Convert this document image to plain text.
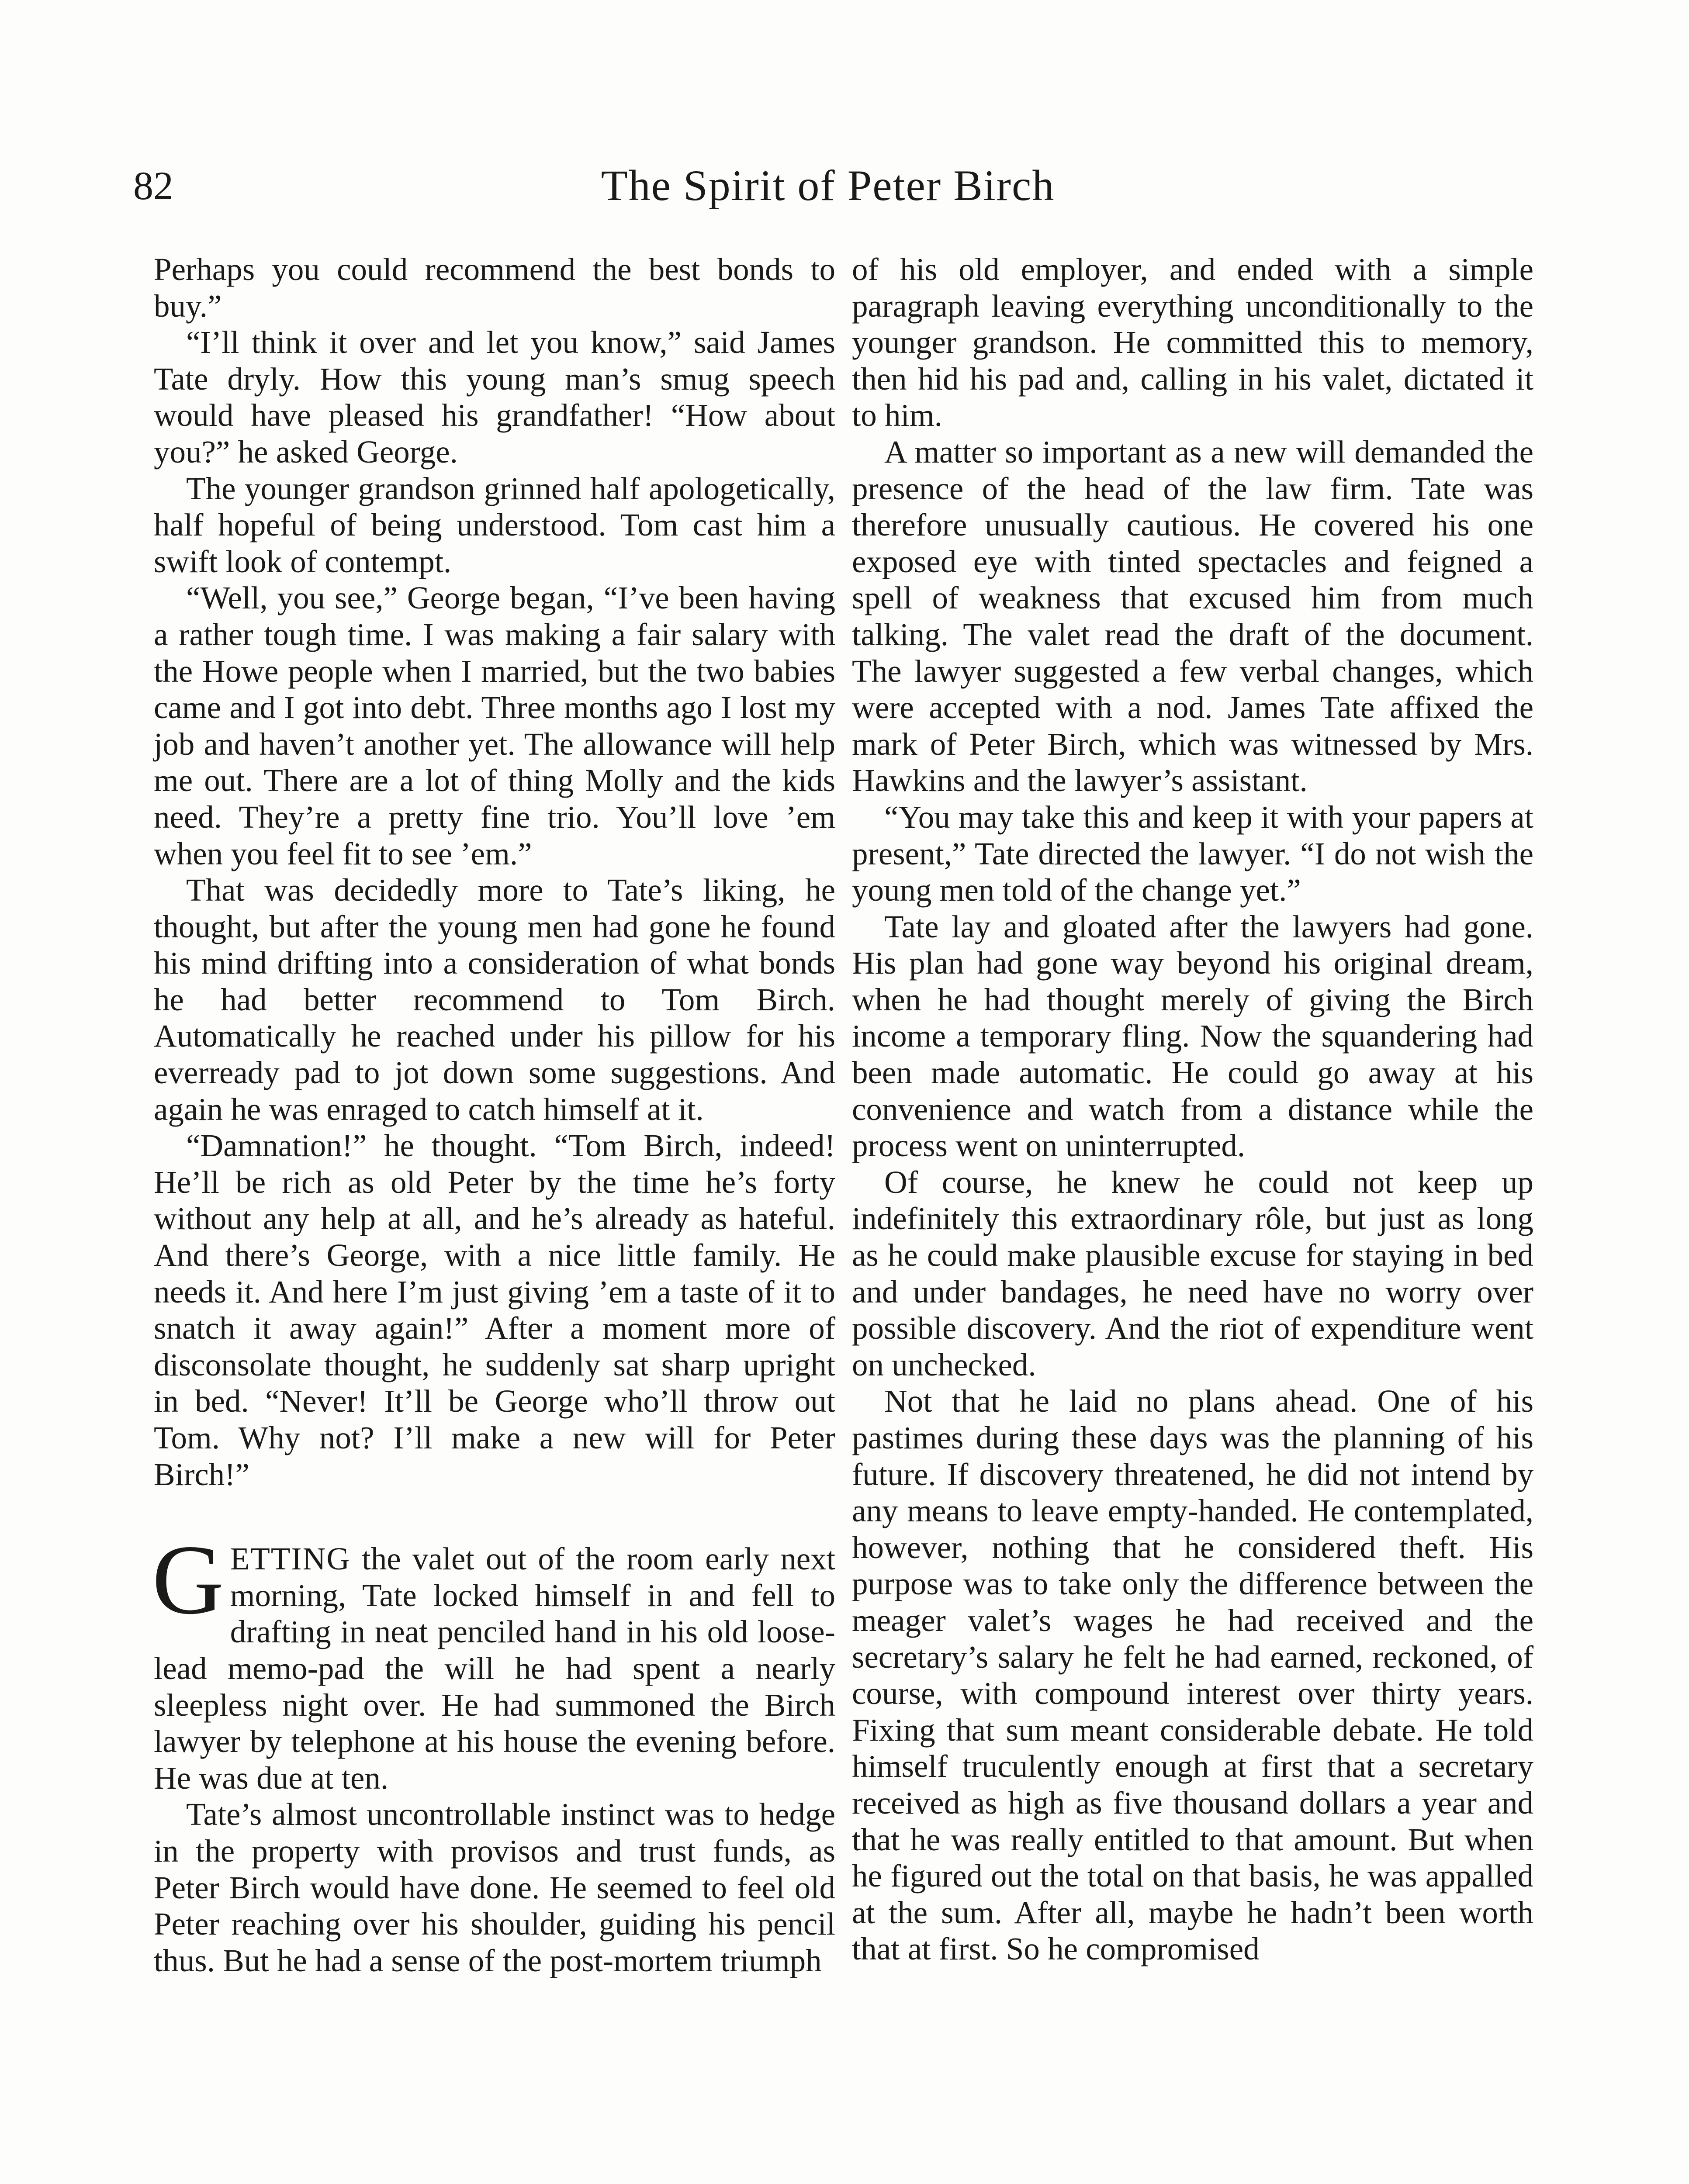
82	The Spirit of Peter Birch

Perhaps you could recommend the best bonds to buy.”

“I’ll think it over and let you know,” said James Tate dryly. How this young man’s smug speech would have pleased his grandfather! “How about you?” he asked George.

The younger grandson grinned half apologetically, half hopeful of being understood. Tom cast him a swift look of contempt.

“Well, you see,” George began, “I’ve been having a rather tough time. I was making a fair salary with the Howe people when I married, but the two babies came and I got into debt. Three months ago I lost my job and haven’t another yet. The allowance will help me out. There are a lot of thing Molly and the kids need. They’re a pretty fine trio. You’ll love ’em when you feel fit to see ’em.”

That was decidedly more to Tate’s liking, he thought, but after the young men had gone he found his mind drifting into a consideration of what bonds he had better recommend to Tom Birch. Automatically he reached under his pillow for his everready pad to jot down some suggestions. And again he was enraged to catch himself at it.

“Damnation!” he thought. “Tom Birch, indeed! He’ll be rich as old Peter by the time he’s forty without any help at all, and he’s already as hateful. And there’s George, with a nice little family. He needs it. And here I’m just giving ’em a taste of it to snatch it away again!” After a moment more of disconsolate thought, he suddenly sat sharp upright in bed. “Never! It’ll be George who’ll throw out Tom. Why not? I’ll make a new will for Peter Birch!”

GETTING the valet out of the room early next morning, Tate locked himself in and fell to drafting in neat penciled hand in his old loose-lead memo-pad the will he had spent a nearly sleepless night over. He had summoned the Birch lawyer by telephone at his house the evening before. He was due at ten.

Tate’s almost uncontrollable instinct was to hedge in the property with provisos and trust funds, as Peter Birch would have done. He seemed to feel old Peter reaching over his shoulder, guiding his pencil thus. But he had a sense of the post-mortem triumph

of his old employer, and ended with a simple paragraph leaving everything unconditionally to the younger grandson. He committed this to memory, then hid his pad and, calling in his valet, dictated it to him.

A matter so important as a new will demanded the presence of the head of the law firm. Tate was therefore unusually cautious. He covered his one exposed eye with tinted spectacles and feigned a spell of weakness that excused him from much talking. The valet read the draft of the document. The lawyer suggested a few verbal changes, which were accepted with a nod. James Tate affixed the mark of Peter Birch, which was witnessed by Mrs. Hawkins and the lawyer’s assistant.

“You may take this and keep it with your papers at present,” Tate directed the lawyer. “I do not wish the young men told of the change yet.”

Tate lay and gloated after the lawyers had gone. His plan had gone way beyond his original dream, when he had thought merely of giving the Birch income a temporary fling. Now the squandering had been made automatic. He could go away at his convenience and watch from a distance while the process went on uninterrupted.

Of course, he knew he could not keep up indefinitely this extraordinary rôle, but just as long as he could make plausible excuse for staying in bed and under bandages, he need have no worry over possible discovery. And the riot of expenditure went on unchecked.

Not that he laid no plans ahead. One of his pastimes during these days was the planning of his future. If discovery threatened, he did not intend by any means to leave empty-handed. He contemplated, however, nothing that he considered theft. His purpose was to take only the difference between the meager valet’s wages he had received and the secretary’s salary he felt he had earned, reckoned, of course, with compound interest over thirty years. Fixing that sum meant considerable debate. He told himself truculently enough at first that a secretary received as high as five thousand dollars a year and that he was really entitled to that amount. But when he figured out the total on that basis, he was appalled at the sum. After all, maybe he hadn’t been worth that at first. So he compromised
